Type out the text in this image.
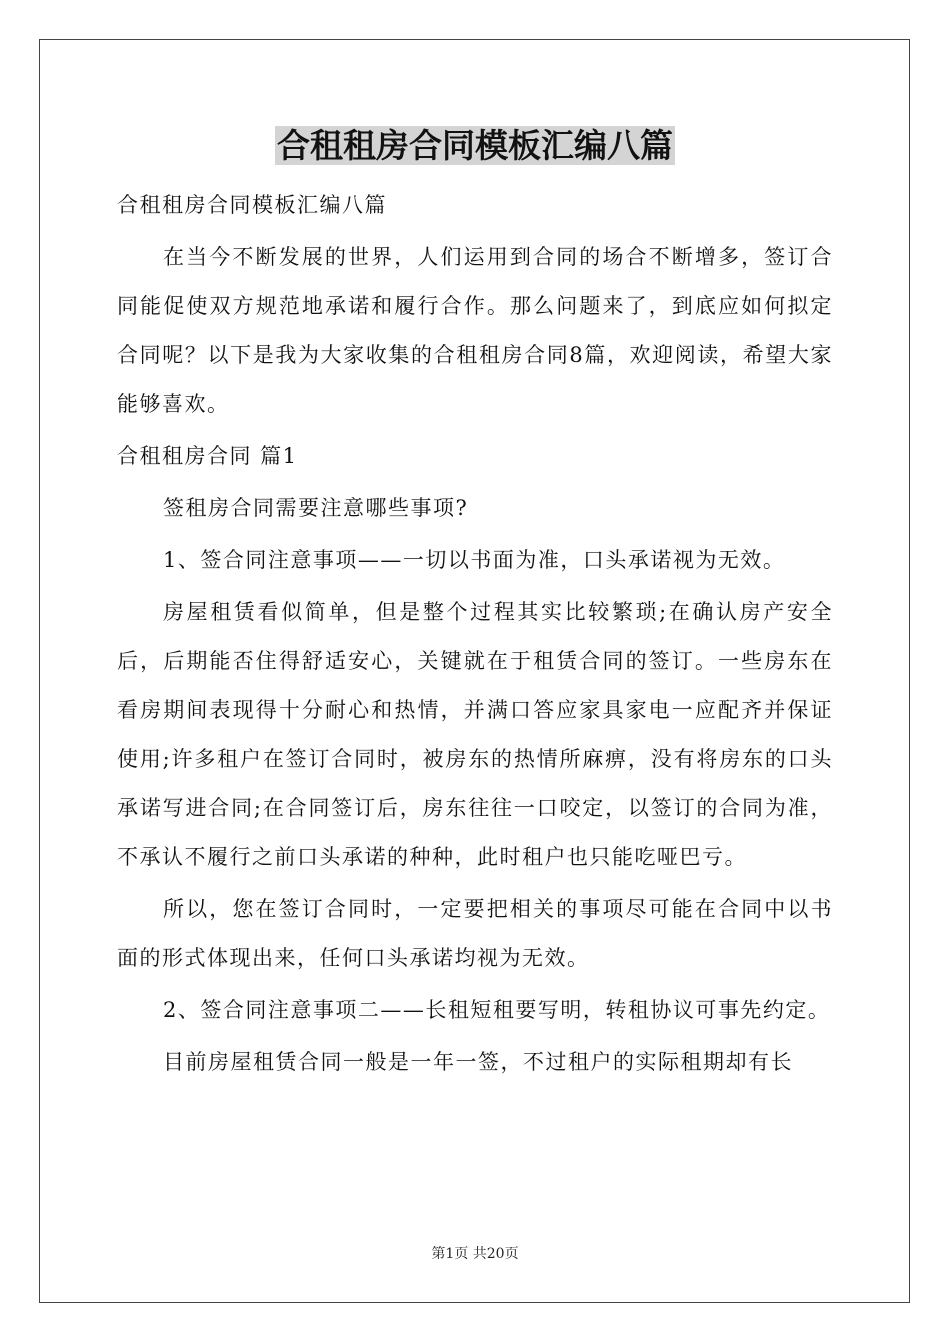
合租租房合同模板汇编八篇

合租租房合同模板汇编八篇

在当今不断发展的世界，人们运用到合同的场合不断增多，签订合同能促使双方规范地承诺和履行合作。那么问题来了，到底应如何拟定合同呢？以下是我为大家收集的合租租房合同8篇，欢迎阅读，希望大家能够喜欢。

合租租房合同 篇1

签租房合同需要注意哪些事项?

1、签合同注意事项——一切以书面为准，口头承诺视为无效。

房屋租赁看似简单，但是整个过程其实比较繁琐;在确认房产安全后，后期能否住得舒适安心，关键就在于租赁合同的签订。一些房东在看房期间表现得十分耐心和热情，并满口答应家具家电一应配齐并保证使用;许多租户在签订合同时，被房东的热情所麻痹，没有将房东的口头承诺写进合同;在合同签订后，房东往往一口咬定，以签订的合同为准，不承认不履行之前口头承诺的种种，此时租户也只能吃哑巴亏。

所以，您在签订合同时，一定要把相关的事项尽可能在合同中以书面的形式体现出来，任何口头承诺均视为无效。

2、签合同注意事项二——长租短租要写明，转租协议可事先约定。

目前房屋租赁合同一般是一年一签，不过租户的实际租期却有长

第1页 共20页
